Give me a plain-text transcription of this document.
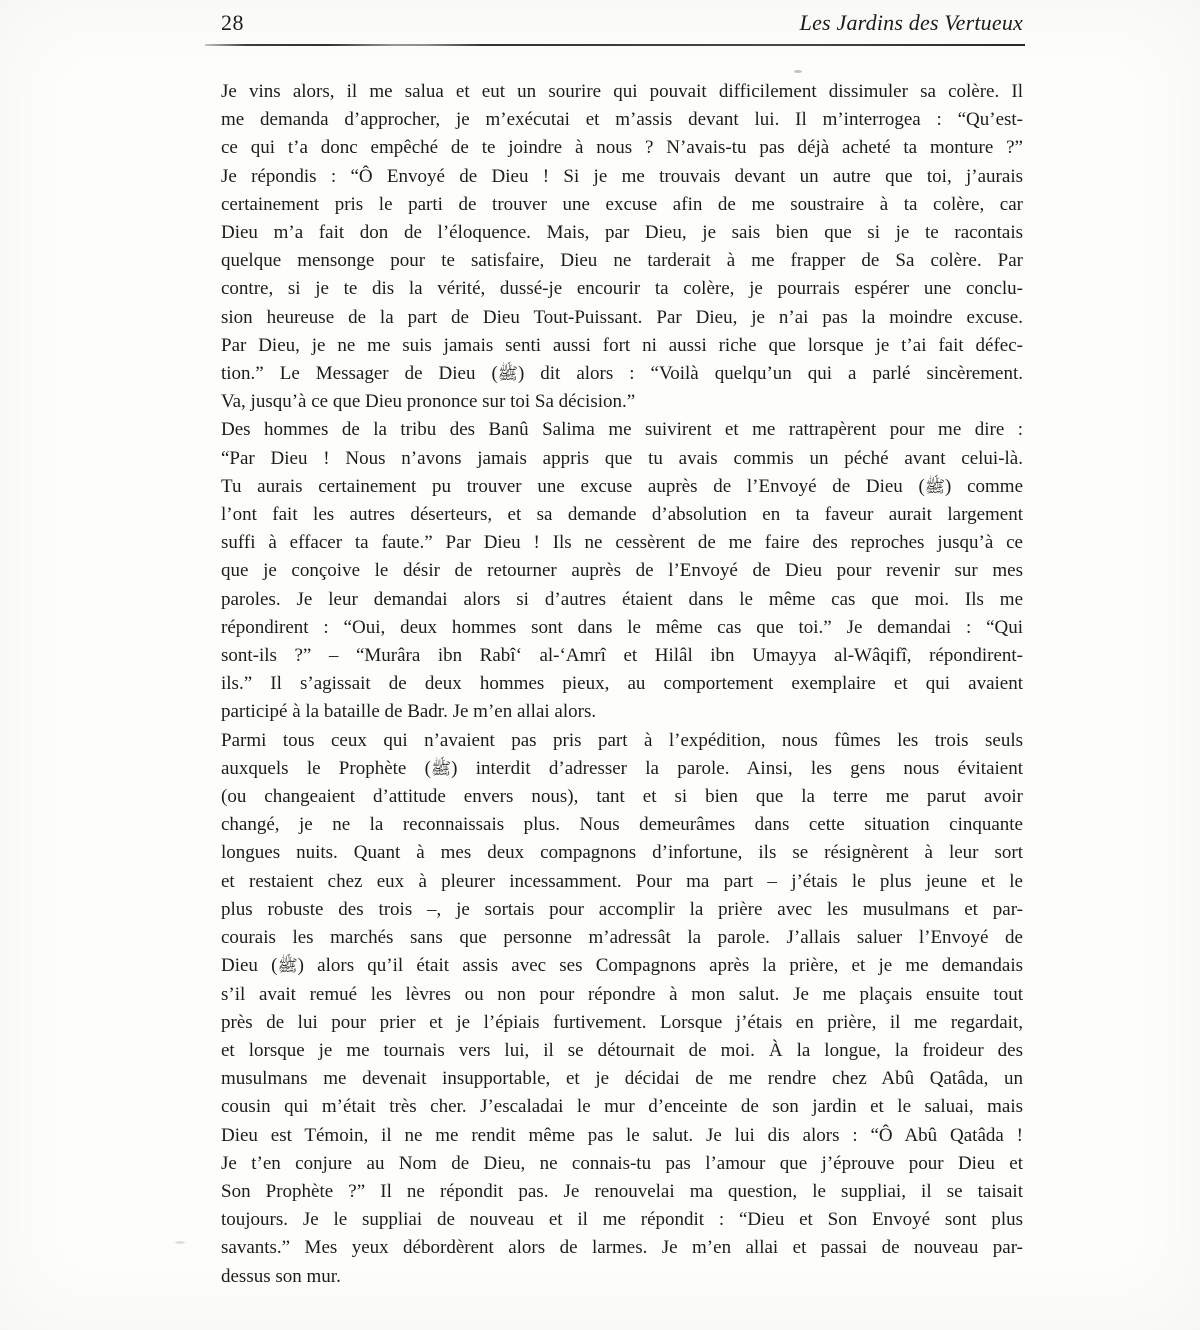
28	Les Jardins des Vertueux
Je vins alors, il me salua et eut un sourire qui pouvait difficilement dissimuler sa colère. Il
me demanda d’approcher, je m’exécutai et m’assis devant lui. Il m’interrogea : “Qu’est-
ce qui t’a donc empêché de te joindre à nous ? N’avais-tu pas déjà acheté ta monture ?”
Je répondis : “Ô Envoyé de Dieu ! Si je me trouvais devant un autre que toi, j’aurais
certainement pris le parti de trouver une excuse afin de me soustraire à ta colère, car
Dieu m’a fait don de l’éloquence. Mais, par Dieu, je sais bien que si je te racontais
quelque mensonge pour te satisfaire, Dieu ne tarderait à me frapper de Sa colère. Par
contre, si je te dis la vérité, dussé-je encourir ta colère, je pourrais espérer une conclu-
sion heureuse de la part de Dieu Tout-Puissant. Par Dieu, je n’ai pas la moindre excuse.
Par Dieu, je ne me suis jamais senti aussi fort ni aussi riche que lorsque je t’ai fait défec-
tion.” Le Messager de Dieu (ﷺ) dit alors : “Voilà quelqu’un qui a parlé sincèrement.
Va, jusqu’à ce que Dieu prononce sur toi Sa décision.”
Des hommes de la tribu des Banû Salima me suivirent et me rattrapèrent pour me dire :
“Par Dieu ! Nous n’avons jamais appris que tu avais commis un péché avant celui-là.
Tu aurais certainement pu trouver une excuse auprès de l’Envoyé de Dieu (ﷺ) comme
l’ont fait les autres déserteurs, et sa demande d’absolution en ta faveur aurait largement
suffi à effacer ta faute.” Par Dieu ! Ils ne cessèrent de me faire des reproches jusqu’à ce
que je conçoive le désir de retourner auprès de l’Envoyé de Dieu pour revenir sur mes
paroles. Je leur demandai alors si d’autres étaient dans le même cas que moi. Ils me
répondirent : “Oui, deux hommes sont dans le même cas que toi.” Je demandai : “Qui
sont-ils ?” – “Murâra ibn Rabî‘ al-‘Amrî et Hilâl ibn Umayya al-Wâqifî, répondirent-
ils.” Il s’agissait de deux hommes pieux, au comportement exemplaire et qui avaient
participé à la bataille de Badr. Je m’en allai alors.
Parmi tous ceux qui n’avaient pas pris part à l’expédition, nous fûmes les trois seuls
auxquels le Prophète (ﷺ) interdit d’adresser la parole. Ainsi, les gens nous évitaient
(ou changeaient d’attitude envers nous), tant et si bien que la terre me parut avoir
changé, je ne la reconnaissais plus. Nous demeurâmes dans cette situation cinquante
longues nuits. Quant à mes deux compagnons d’infortune, ils se résignèrent à leur sort
et restaient chez eux à pleurer incessamment. Pour ma part – j’étais le plus jeune et le
plus robuste des trois –, je sortais pour accomplir la prière avec les musulmans et par-
courais les marchés sans que personne m’adressât la parole. J’allais saluer l’Envoyé de
Dieu (ﷺ) alors qu’il était assis avec ses Compagnons après la prière, et je me demandais
s’il avait remué les lèvres ou non pour répondre à mon salut. Je me plaçais ensuite tout
près de lui pour prier et je l’épiais furtivement. Lorsque j’étais en prière, il me regardait,
et lorsque je me tournais vers lui, il se détournait de moi. À la longue, la froideur des
musulmans me devenait insupportable, et je décidai de me rendre chez Abû Qatâda, un
cousin qui m’était très cher. J’escaladai le mur d’enceinte de son jardin et le saluai, mais
Dieu est Témoin, il ne me rendit même pas le salut. Je lui dis alors : “Ô Abû Qatâda !
Je t’en conjure au Nom de Dieu, ne connais-tu pas l’amour que j’éprouve pour Dieu et
Son Prophète ?” Il ne répondit pas. Je renouvelai ma question, le suppliai, il se taisait
toujours. Je le suppliai de nouveau et il me répondit : “Dieu et Son Envoyé sont plus
savants.” Mes yeux débordèrent alors de larmes. Je m’en allai et passai de nouveau par-
dessus son mur.
